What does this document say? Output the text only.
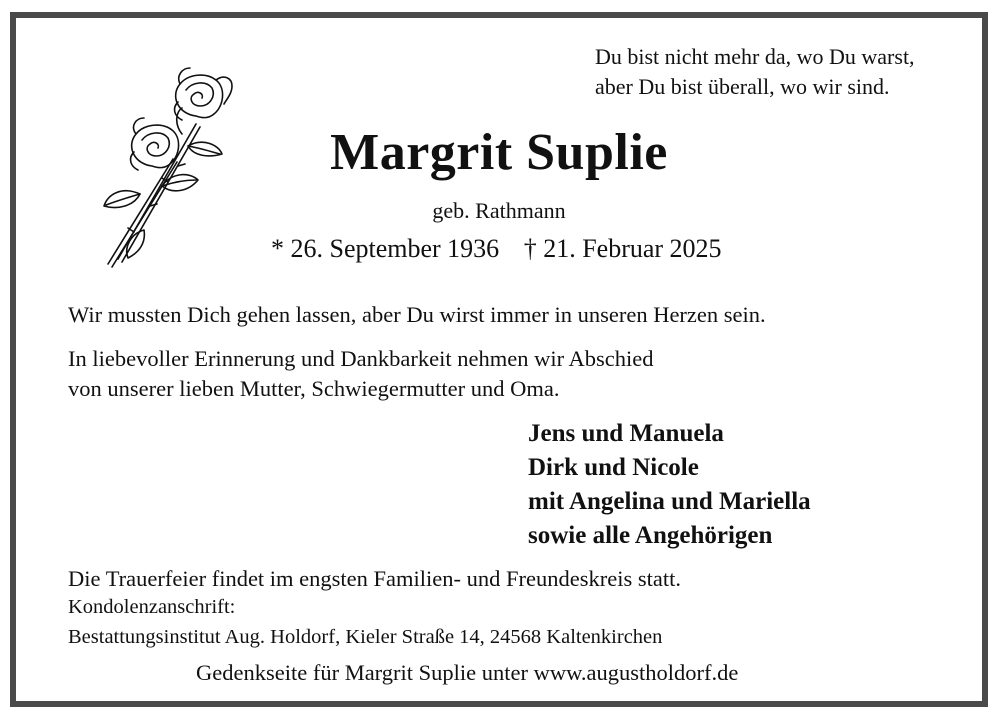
Du bist nicht mehr da, wo Du warst,
aber Du bist überall, wo wir sind.
Margrit Suplie
geb. Rathmann
* 26. September 1936 † 21. Februar 2025
Wir mussten Dich gehen lassen, aber Du wirst immer in unseren Herzen sein.
In liebevoller Erinnerung und Dankbarkeit nehmen wir Abschied
von unserer lieben Mutter, Schwiegermutter und Oma.
Jens und Manuela
Dirk und Nicole
mit Angelina und Mariella
sowie alle Angehörigen
Die Trauerfeier findet im engsten Familien- und Freundeskreis statt.
Kondolenzanschrift:
Bestattungsinstitut Aug. Holdorf, Kieler Straße 14, 24568 Kaltenkirchen
Gedenkseite für Margrit Suplie unter www.augustholdorf.de
